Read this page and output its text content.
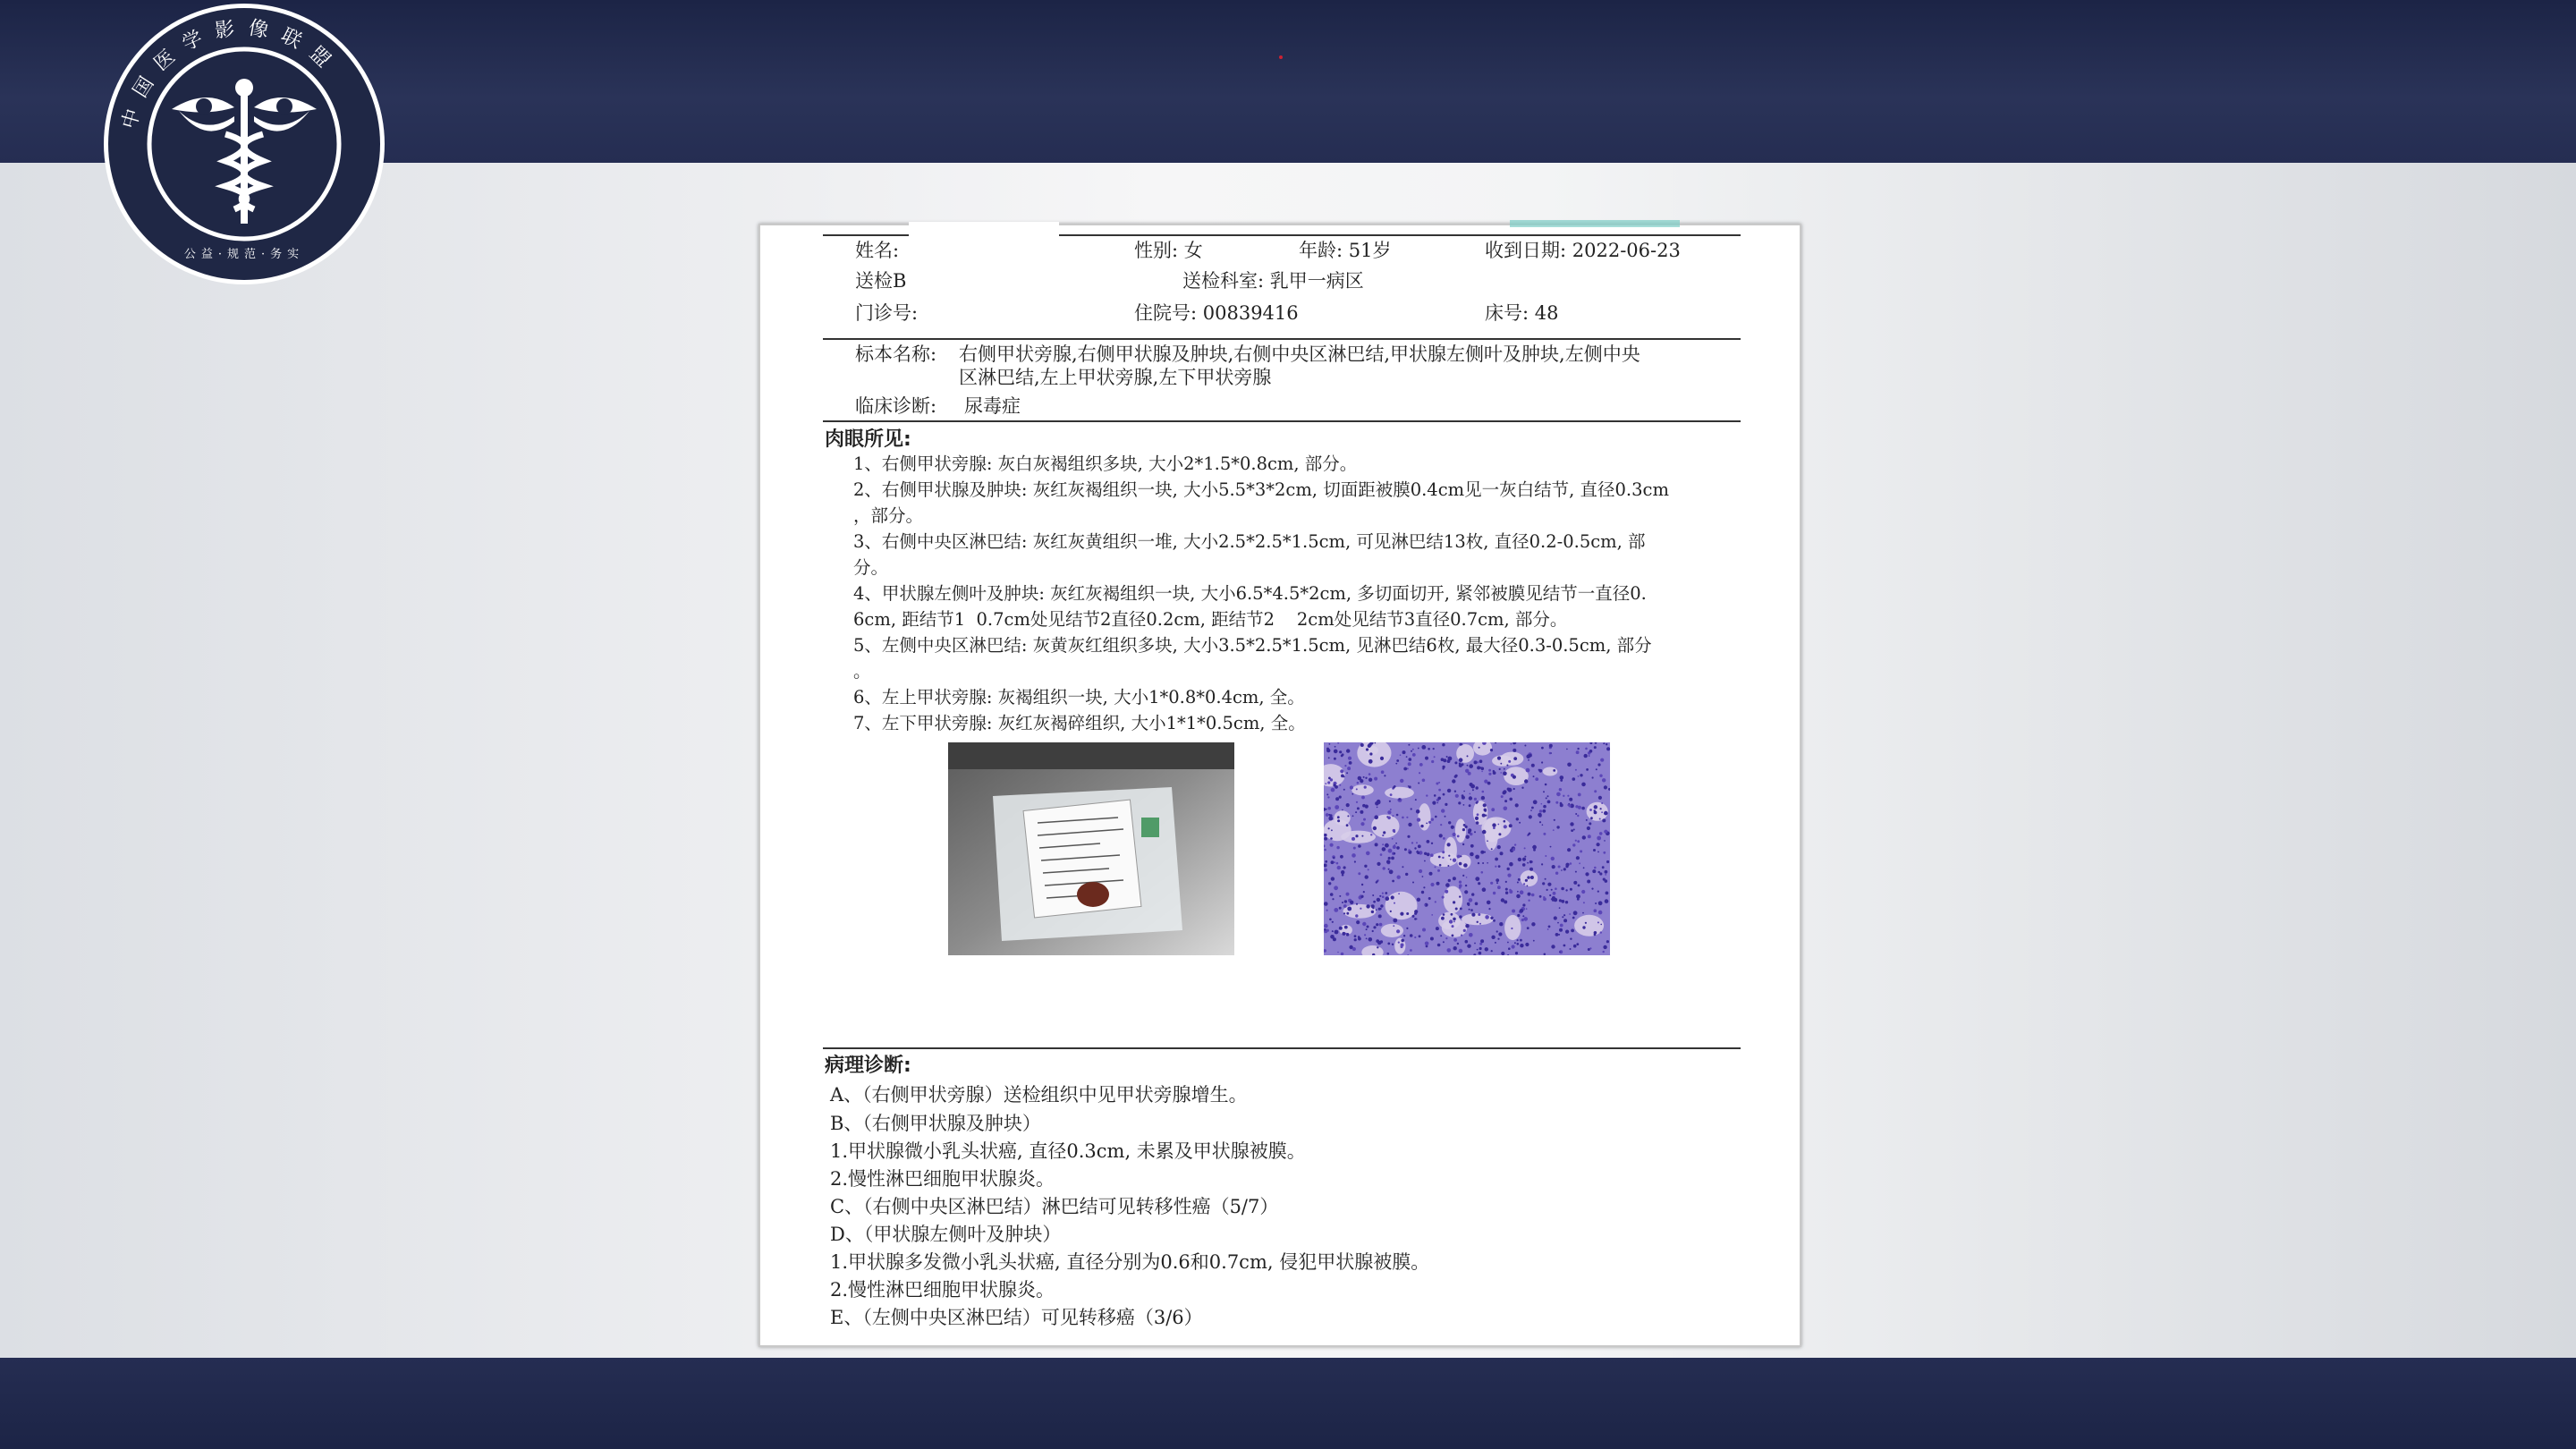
中国医学影像联盟
公益·规范·务实	姓名:	性别: 女	年龄: 51岁	收到日期: 2022-06-23
送检B	送检科室: 乳甲一病区
门诊号:	住院号: 00839416	床号: 48
标本名称: 右侧甲状旁腺,右侧甲状腺及肿块,右侧中央区淋巴结,甲状腺左侧叶及肿块,左侧中央
区淋巴结,左上甲状旁腺,左下甲状旁腺
临床诊断: 尿毒症
肉眼所见:
1、右侧甲状旁腺: 灰白灰褐组织多块, 大小2*1.5*0.8cm, 部分。
2、右侧甲状腺及肿块: 灰红灰褐组织一块, 大小5.5*3*2cm, 切面距被膜0.4cm见一灰白结节, 直径0.3cm
，部分。
3、右侧中央区淋巴结: 灰红灰黄组织一堆, 大小2.5*2.5*1.5cm, 可见淋巴结13枚, 直径0.2-0.5cm, 部
分。
4、甲状腺左侧叶及肿块: 灰红灰褐组织一块, 大小6.5*4.5*2cm, 多切面切开, 紧邻被膜见结节一直径0.
6cm, 距结节1  0.7cm处见结节2直径0.2cm, 距结节2    2cm处见结节3直径0.7cm, 部分。
5、左侧中央区淋巴结: 灰黄灰红组织多块, 大小3.5*2.5*1.5cm, 见淋巴结6枚, 最大径0.3-0.5cm, 部分
。
6、左上甲状旁腺: 灰褐组织一块, 大小1*0.8*0.4cm, 全。
7、左下甲状旁腺: 灰红灰褐碎组织, 大小1*1*0.5cm, 全。
病理诊断:
A、（右侧甲状旁腺）送检组织中见甲状旁腺增生。
B、（右侧甲状腺及肿块）
1.甲状腺微小乳头状癌, 直径0.3cm, 未累及甲状腺被膜。
2.慢性淋巴细胞甲状腺炎。
C、（右侧中央区淋巴结）淋巴结可见转移性癌（5/7）
D、（甲状腺左侧叶及肿块）
1.甲状腺多发微小乳头状癌, 直径分别为0.6和0.7cm, 侵犯甲状腺被膜。
2.慢性淋巴细胞甲状腺炎。
E、（左侧中央区淋巴结）可见转移癌（3/6）
